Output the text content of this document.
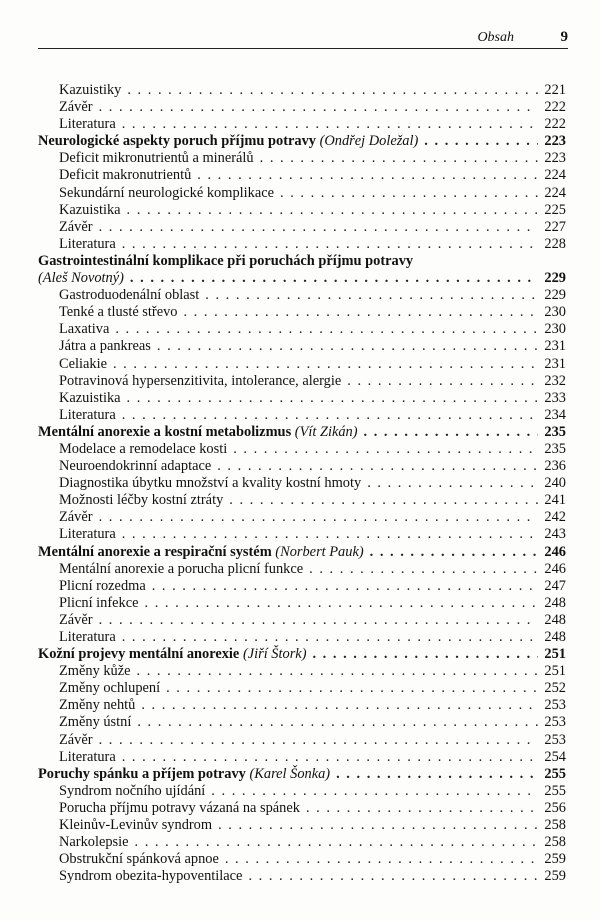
Obsah	9
Kazuistiky . . .	221
Závěr . . .	222
Literatura . . .	222
Neurologické aspekty poruch příjmu potravy
(Ondřej Doležal) . . .	223
Deficit mikronutrientů a minerálů . . .	223
Deficit makronutrientů . . .	224
Sekundární neurologické komplikace . . .	224
Kazuistika . . .	225
Závěr . . .	227
Literatura . . .	228
Gastrointestinální komplikace při poruchách příjmu potravy
(Aleš Novotný) . . .	229
Gastroduodenální oblast . . .	229
Tenké a tlusté střevo . . .	230
Laxativa . . .	230
Játra a pankreas . . .	231
Celiakie . . .	231
Potravinová hypersenzitivita, intolerance, alergie . . .	232
Kazuistika . . .	233
Literatura . . .	234
Mentální anorexie a kostní metabolizmus
(Vít Zikán) . . .	235
Modelace a remodelace kosti . . .	235
Neuroendokrinní adaptace . . .	236
Diagnostika úbytku množství a kvality kostní hmoty . . .	240
Možnosti léčby kostní ztráty . . .	241
Závěr . . .	242
Literatura . . .	243
Mentální anorexie a respirační systém
(Norbert Pauk) . . .	246
Mentální anorexie a porucha plicní funkce . . .	246
Plicní rozedma . . .	247
Plicní infekce . . .	248
Závěr . . .	248
Literatura . . .	248
Kožní projevy mentální anorexie
(Jiří Štork) . . .	251
Změny kůže . . .	251
Změny ochlupení . . .	252
Změny nehtů . . .	253
Změny ústní . . .	253
Závěr . . .	253
Literatura . . .	254
Poruchy spánku a příjem potravy
(Karel Šonka) . . .	255
Syndrom nočního ujídání . . .	255
Porucha příjmu potravy vázaná na spánek . . .	256
Kleinův-Levinův syndrom . . .	258
Narkolepsie . . .	258
Obstrukční spánková apnoe . . .	259
Syndrom obezita-hypoventilace . . .	259
